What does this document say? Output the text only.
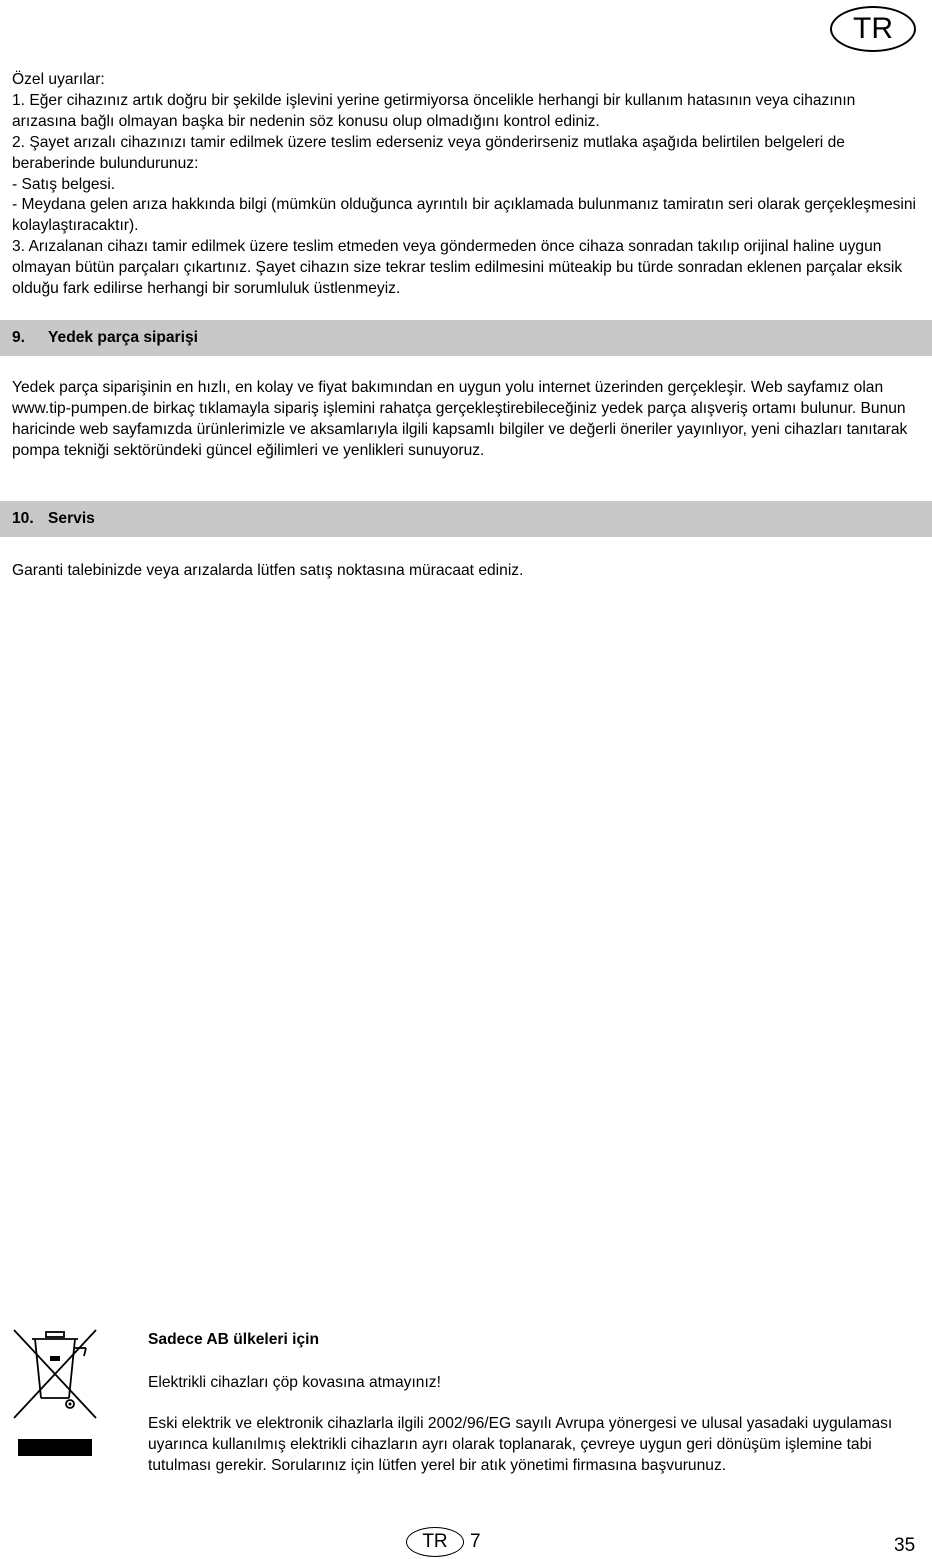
TR

Özel uyarılar:

1. Eğer cihazınız artık doğru bir şekilde işlevini yerine getirmiyorsa öncelikle herhangi bir kullanım hatasının veya cihazının arızasına bağlı olmayan başka bir nedenin söz konusu olup olmadığını kontrol ediniz.

2. Şayet arızalı cihazınızı tamir edilmek üzere teslim ederseniz veya gönderirseniz mutlaka aşağıda belirtilen belgeleri de beraberinde bulundurunuz:

- Satış belgesi.

- Meydana gelen arıza hakkında bilgi (mümkün olduğunca ayrıntılı bir açıklamada bulunmanız tamiratın seri olarak gerçekleşmesini kolaylaştıracaktır).

3. Arızalanan cihazı tamir edilmek üzere teslim etmeden veya göndermeden önce cihaza sonradan takılıp orijinal haline uygun olmayan bütün parçaları çıkartınız. Şayet cihazın size tekrar teslim edilmesini müteakip bu türde sonradan eklenen parçalar eksik olduğu fark edilirse herhangi bir sorumluluk üstlenmeyiz.

9.	Yedek parça siparişi

Yedek parça siparişinin en hızlı, en kolay ve fiyat bakımından en uygun yolu internet üzerinden gerçekleşir. Web sayfamız olan www.tip-pumpen.de birkaç tıklamayla sipariş işlemini rahatça gerçekleştirebileceğiniz yedek parça alışveriş ortamı bulunur. Bunun haricinde web sayfamızda ürünlerimizle ve aksamlarıyla ilgili kapsamlı bilgiler ve değerli öneriler yayınlıyor, yeni cihazları tanıtarak pompa tekniği sektöründeki güncel eğilimleri ve yenlikleri sunuyoruz.

10. Servis

Garanti talebinizde veya arızalarda lütfen satış noktasına müracaat ediniz.

Sadece AB ülkeleri için
Elektrikli cihazları çöp kovasına atmayınız!

Eski elektrik ve elektronik cihazlarla ilgili 2002/96/EG sayılı Avrupa yönergesi ve ulusal yasadaki uygulaması uyarınca kullanılmış elektrikli cihazların ayrı olarak toplanarak, çevreye uygun geri dönüşüm işlemine tabi tutulması gerekir. Sorularınız için lütfen yerel bir atık yönetimi firmasına başvurunuz.

TR	7	35
